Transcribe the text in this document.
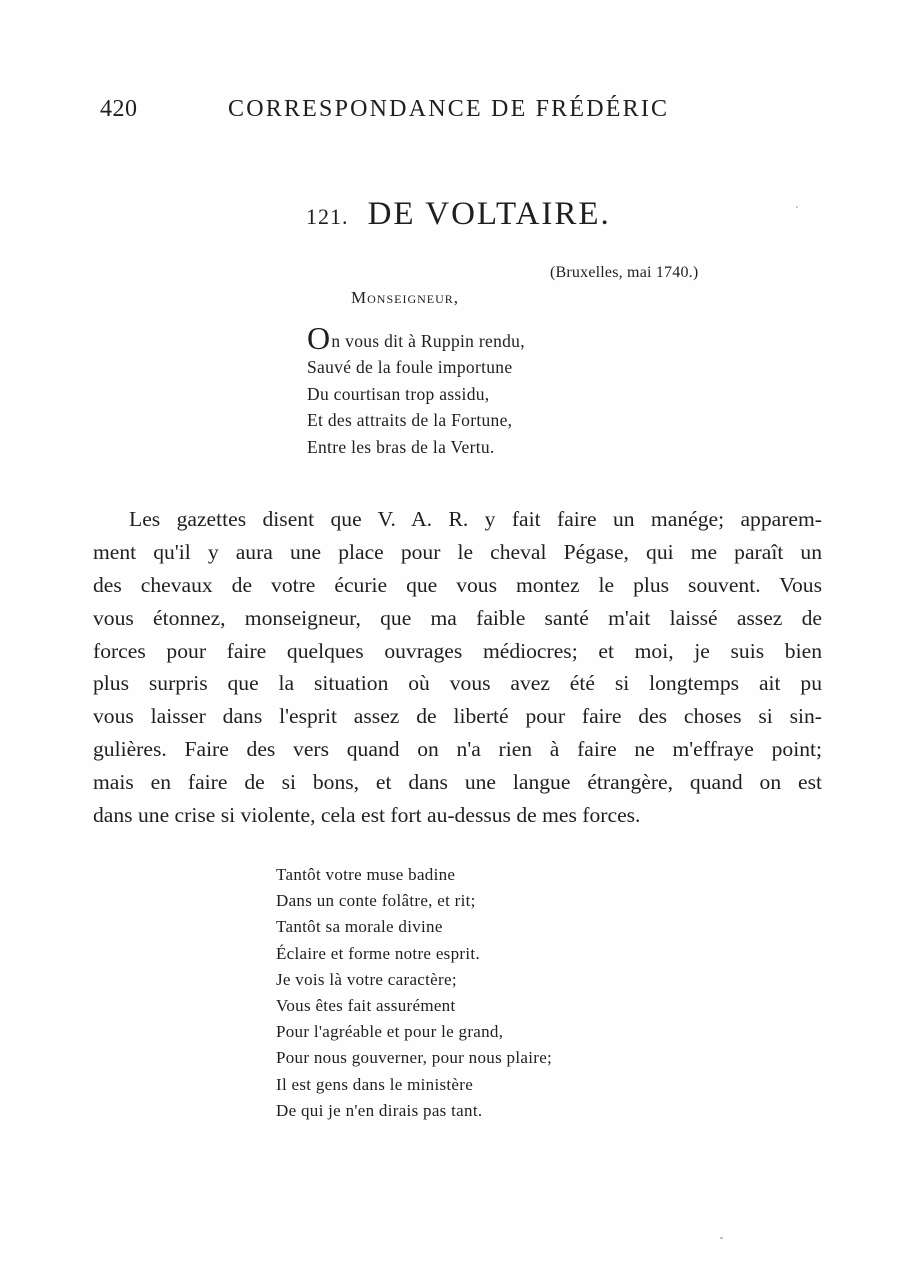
420	CORRESPONDANCE DE FRÉDÉRIC
121. DE VOLTAIRE.
(Bruxelles, mai 1740.)
Monseigneur,
On vous dit à Ruppin rendu,
Sauvé de la foule importune
Du courtisan trop assidu,
Et des attraits de la Fortune,
Entre les bras de la Vertu.

Les gazettes disent que V. A. R. y fait faire un manége; apparem-
ment qu'il y aura une place pour le cheval Pégase, qui me paraît un
des chevaux de votre écurie que vous montez le plus souvent. Vous
vous étonnez, monseigneur, que ma faible santé m'ait laissé assez de
forces pour faire quelques ouvrages médiocres; et moi, je suis bien
plus surpris que la situation où vous avez été si longtemps ait pu
vous laisser dans l'esprit assez de liberté pour faire des choses si sin-
gulières. Faire des vers quand on n'a rien à faire ne m'effraye point;
mais en faire de si bons, et dans une langue étrangère, quand on est
dans une crise si violente, cela est fort au-dessus de mes forces.

Tantôt votre muse badine
Dans un conte folâtre, et rit;
Tantôt sa morale divine
Éclaire et forme notre esprit.
Je vois là votre caractère;
Vous êtes fait assurément
Pour l'agréable et pour le grand,
Pour nous gouverner, pour nous plaire;
Il est gens dans le ministère
De qui je n'en dirais pas tant.
